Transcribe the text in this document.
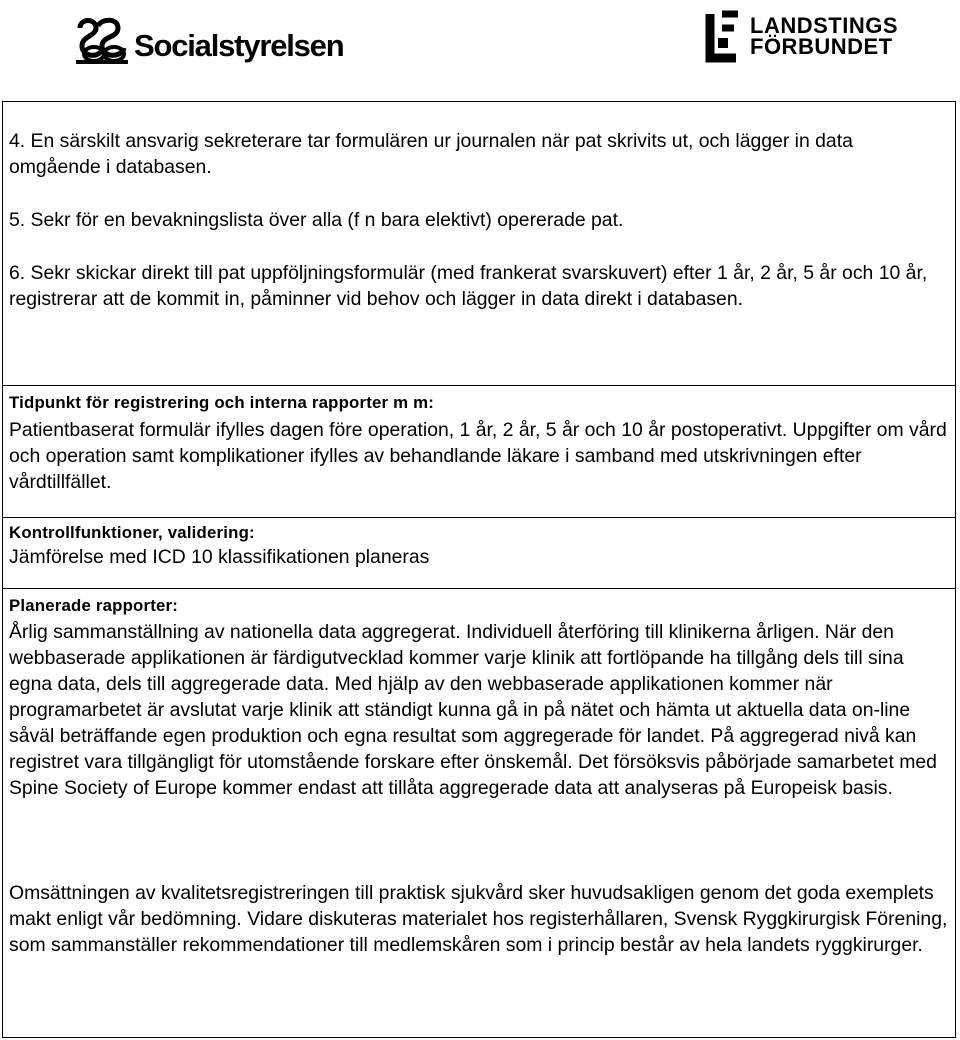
Socialstyrelsen
LANDSTINGS
FÖRBUNDET

4. En särskilt ansvarig sekreterare tar formulären ur journalen när pat skrivits ut, och lägger in data omgående i databasen.

5. Sekr för en bevakningslista över alla (f n bara elektivt) opererade pat.

6. Sekr skickar direkt till pat uppföljningsformulär (med frankerat svarskuvert) efter 1 år, 2 år, 5 år och 10 år, registrerar att de kommit in, påminner vid behov och lägger in data direkt i databasen.

Tidpunkt för registrering och interna rapporter m m:

Patientbaserat formulär ifylles dagen före operation, 1 år, 2 år, 5 år och 10 år postoperativt. Uppgifter om vård och operation samt komplikationer ifylles av behandlande läkare i samband med utskrivningen efter vårdtillfället.

Kontrollfunktioner, validering:

Jämförelse med ICD 10 klassifikationen planeras

Planerade rapporter:

Årlig sammanställning av nationella data aggregerat. Individuell återföring till klinikerna årligen. När den webbaserade applikationen är färdigutvecklad kommer varje klinik att fortlöpande ha tillgång dels till sina egna data, dels till aggregerade data. Med hjälp av den webbaserade applikationen kommer när programarbetet är avslutat varje klinik att ständigt kunna gå in på nätet och hämta ut aktuella data on-line såväl beträffande egen produktion och egna resultat som aggregerade för landet. På aggregerad nivå kan registret vara tillgängligt för utomstående forskare efter önskemål. Det försöksvis påbörjade samarbetet med Spine Society of Europe kommer endast att tillåta aggregerade data att analyseras på Europeisk basis.

Omsättningen av kvalitetsregistreringen till praktisk sjukvård sker huvudsakligen genom det goda exemplets makt enligt vår bedömning. Vidare diskuteras materialet hos registerhållaren, Svensk Ryggkirurgisk Förening, som sammanställer rekommendationer till medlemskåren som i princip består av hela landets ryggkirurger.
